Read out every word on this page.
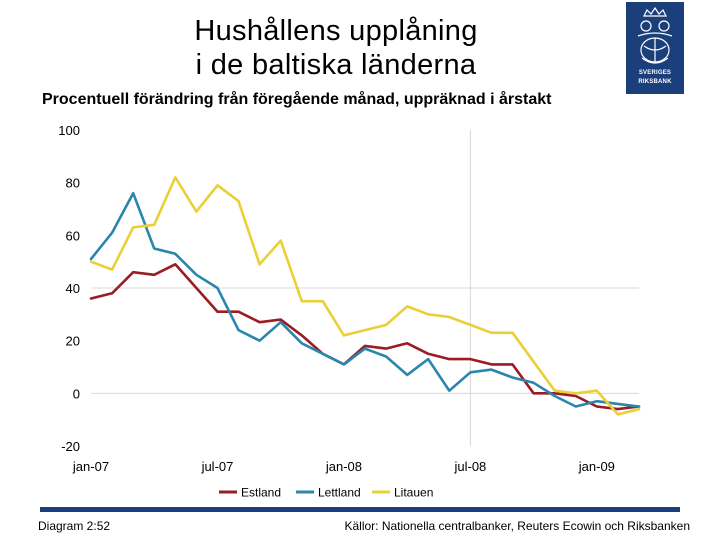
Hushållens upplåning
i de baltiska länderna
Procentuell förändring från föregående månad, uppräknad i årstakt
SVERIGES
RIKSBANK
100
80
60
40
20
0
-20
jan-07	jul-07	jan-08	jul-08	jan-09
Estland	Lettland	Litauen
Diagram 2:52	Källor: Nationella centralbanker, Reuters Ecowin och Riksbanken
